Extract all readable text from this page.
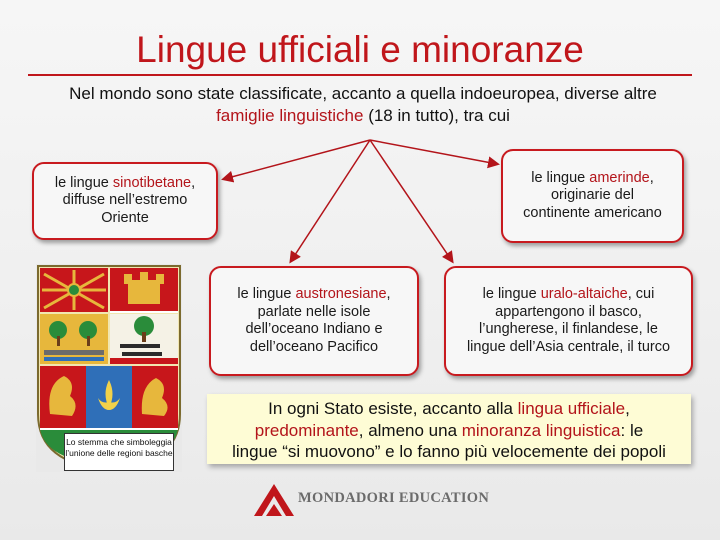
Lingue ufficiali e minoranze
Nel mondo sono state classificate, accanto a quella indoeuropea, diverse altre
famiglie linguistiche (18 in tutto), tra cui
le lingue sinotibetane,
diffuse nell’estremo
Oriente
le lingue amerinde,
originarie del
continente americano
le lingue austronesiane,
parlate nelle isole
dell’oceano Indiano e
dell’oceano Pacifico
le lingue uralo-altaiche, cui
appartengono il basco,
l’ungherese, il finlandese, le
lingue dell’Asia centrale, il turco
Lo stemma che simboleggia l’unione delle regioni basche
In ogni Stato esiste, accanto alla lingua ufficiale,
predominante, almeno una minoranza linguistica: le
lingue “si muovono” e lo fanno più velocemente dei popoli
MONDADORI EDUCATION
